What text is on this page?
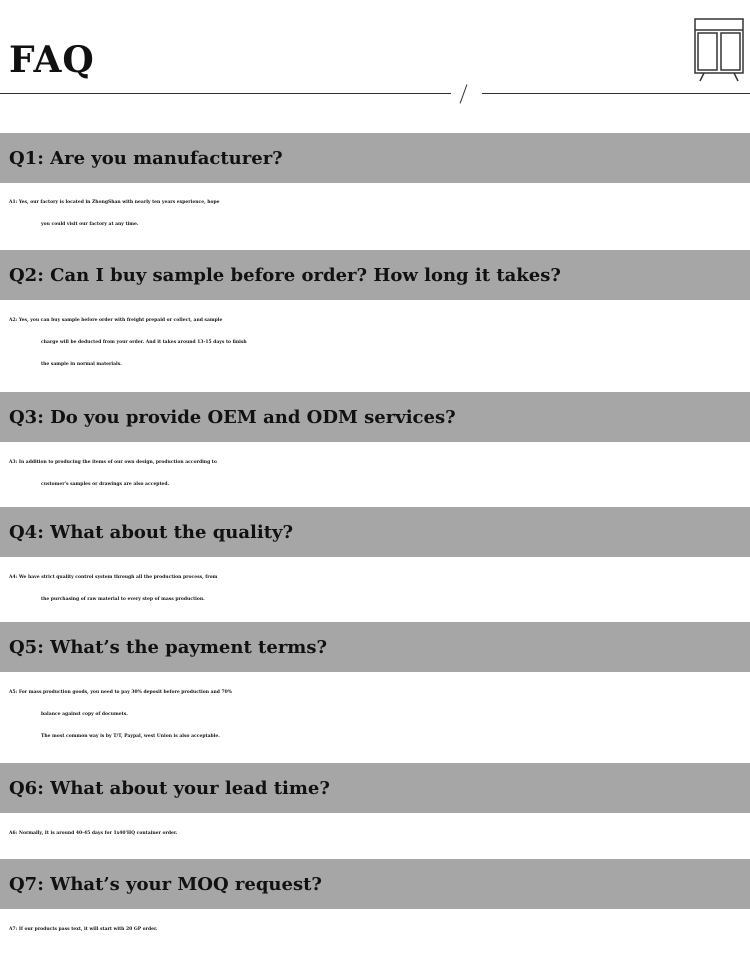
FAQ
Q1: Are you manufacturer?
A1: Yes, our factory is located in ZhongShan with nearly ten years experience, hope
you could visit our factory at any time.
Q2: Can I buy sample before order? How long it takes?
A2: Yes, you can buy sample before order with freight prepaid or collect, and sample
charge will be deducted from your order. And it takes around 13-15 days to finish
the sample in normal materials.
Q3: Do you provide OEM and ODM services?
A3: In addition to producing the items of our own design, production according to
customer's samples or drawings are also accepted.
Q4: What about the quality?
A4: We have strict quality control system through all the production process, from
the purchasing of raw material to every step of mass production.
Q5: What’s the payment terms?
A5: For mass production goods, you need to pay 30% deposit before production and 70%
balance against copy of documets.
The most common way is by T/T, Paypal, west Union is also acceptable.
Q6: What about your lead time?
A6: Normally, It is around 40-45 days for 1x40'HQ container order.
Q7: What’s your MOQ request?
A7: If our products pass text, it will start with 20 GP order.
